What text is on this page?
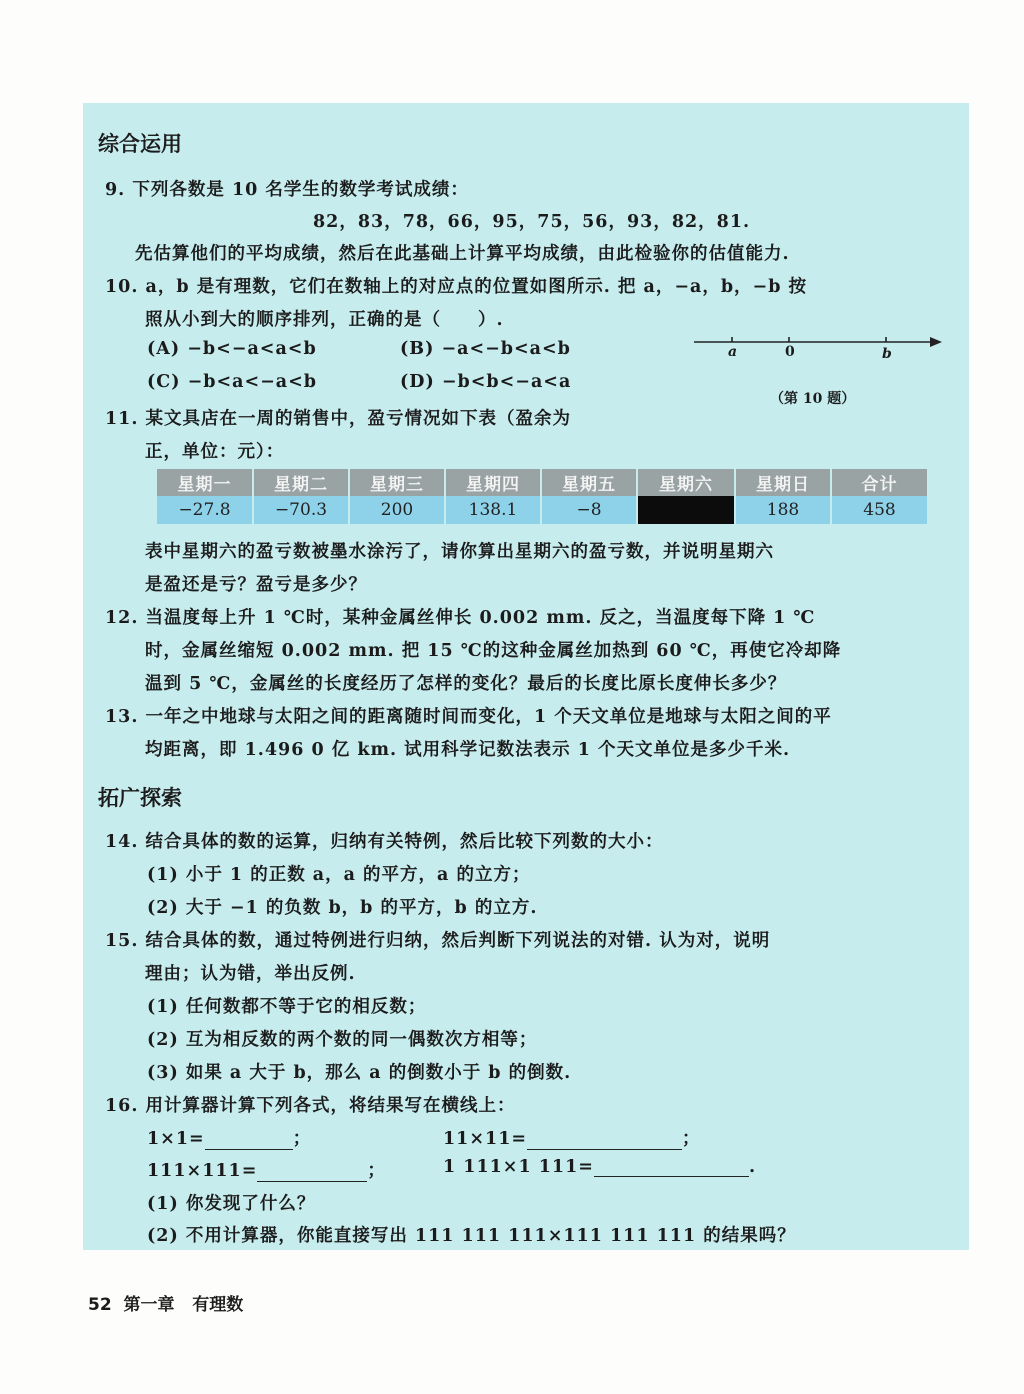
综合运用
9. 下列各数是 10 名学生的数学考试成绩：
82，83，78，66，95，75，56，93，82，81.
先估算他们的平均成绩，然后在此基础上计算平均成绩，由此检验你的估值能力.
10. a，b 是有理数，它们在数轴上的对应点的位置如图所示. 把 a，−a，b，−b 按
照从小到大的顺序排列，正确的是（　　）.
(A) −b<−a<a<b	(B) −a<−b<a<b
(C) −b<a<−a<b	(D) −b<b<−a<a
a	0	b
（第 10 题）
11. 某文具店在一周的销售中，盈亏情况如下表（盈余为
正，单位：元）：
星期一	星期二	星期三	星期四	星期五	星期六	星期日	合计
−27.8	−70.3	200	138.1	−8		188	458
表中星期六的盈亏数被墨水涂污了，请你算出星期六的盈亏数，并说明星期六
是盈还是亏？盈亏是多少？
12. 当温度每上升 1 ℃时，某种金属丝伸长 0.002 mm. 反之，当温度每下降 1 ℃
时，金属丝缩短 0.002 mm. 把 15 ℃的这种金属丝加热到 60 ℃，再使它冷却降
温到 5 ℃，金属丝的长度经历了怎样的变化？最后的长度比原长度伸长多少？
13. 一年之中地球与太阳之间的距离随时间而变化，1 个天文单位是地球与太阳之间的平
均距离，即 1.496 0 亿 km. 试用科学记数法表示 1 个天文单位是多少千米.
拓广探索
14. 结合具体的数的运算，归纳有关特例，然后比较下列数的大小：
(1) 小于 1 的正数 a，a 的平方，a 的立方；
(2) 大于 −1 的负数 b，b 的平方，b 的立方.
15. 结合具体的数，通过特例进行归纳，然后判断下列说法的对错. 认为对，说明
理由；认为错，举出反例.
(1) 任何数都不等于它的相反数；
(2) 互为相反数的两个数的同一偶数次方相等；
(3) 如果 a 大于 b，那么 a 的倒数小于 b 的倒数.
16. 用计算器计算下列各式，将结果写在横线上：
1×1=	；	11×11=	；
111×111=	；	1 111×1 111=	.
(1) 你发现了什么？
(2) 不用计算器，你能直接写出 111 111 111×111 111 111 的结果吗？
52 第一章 有理数
